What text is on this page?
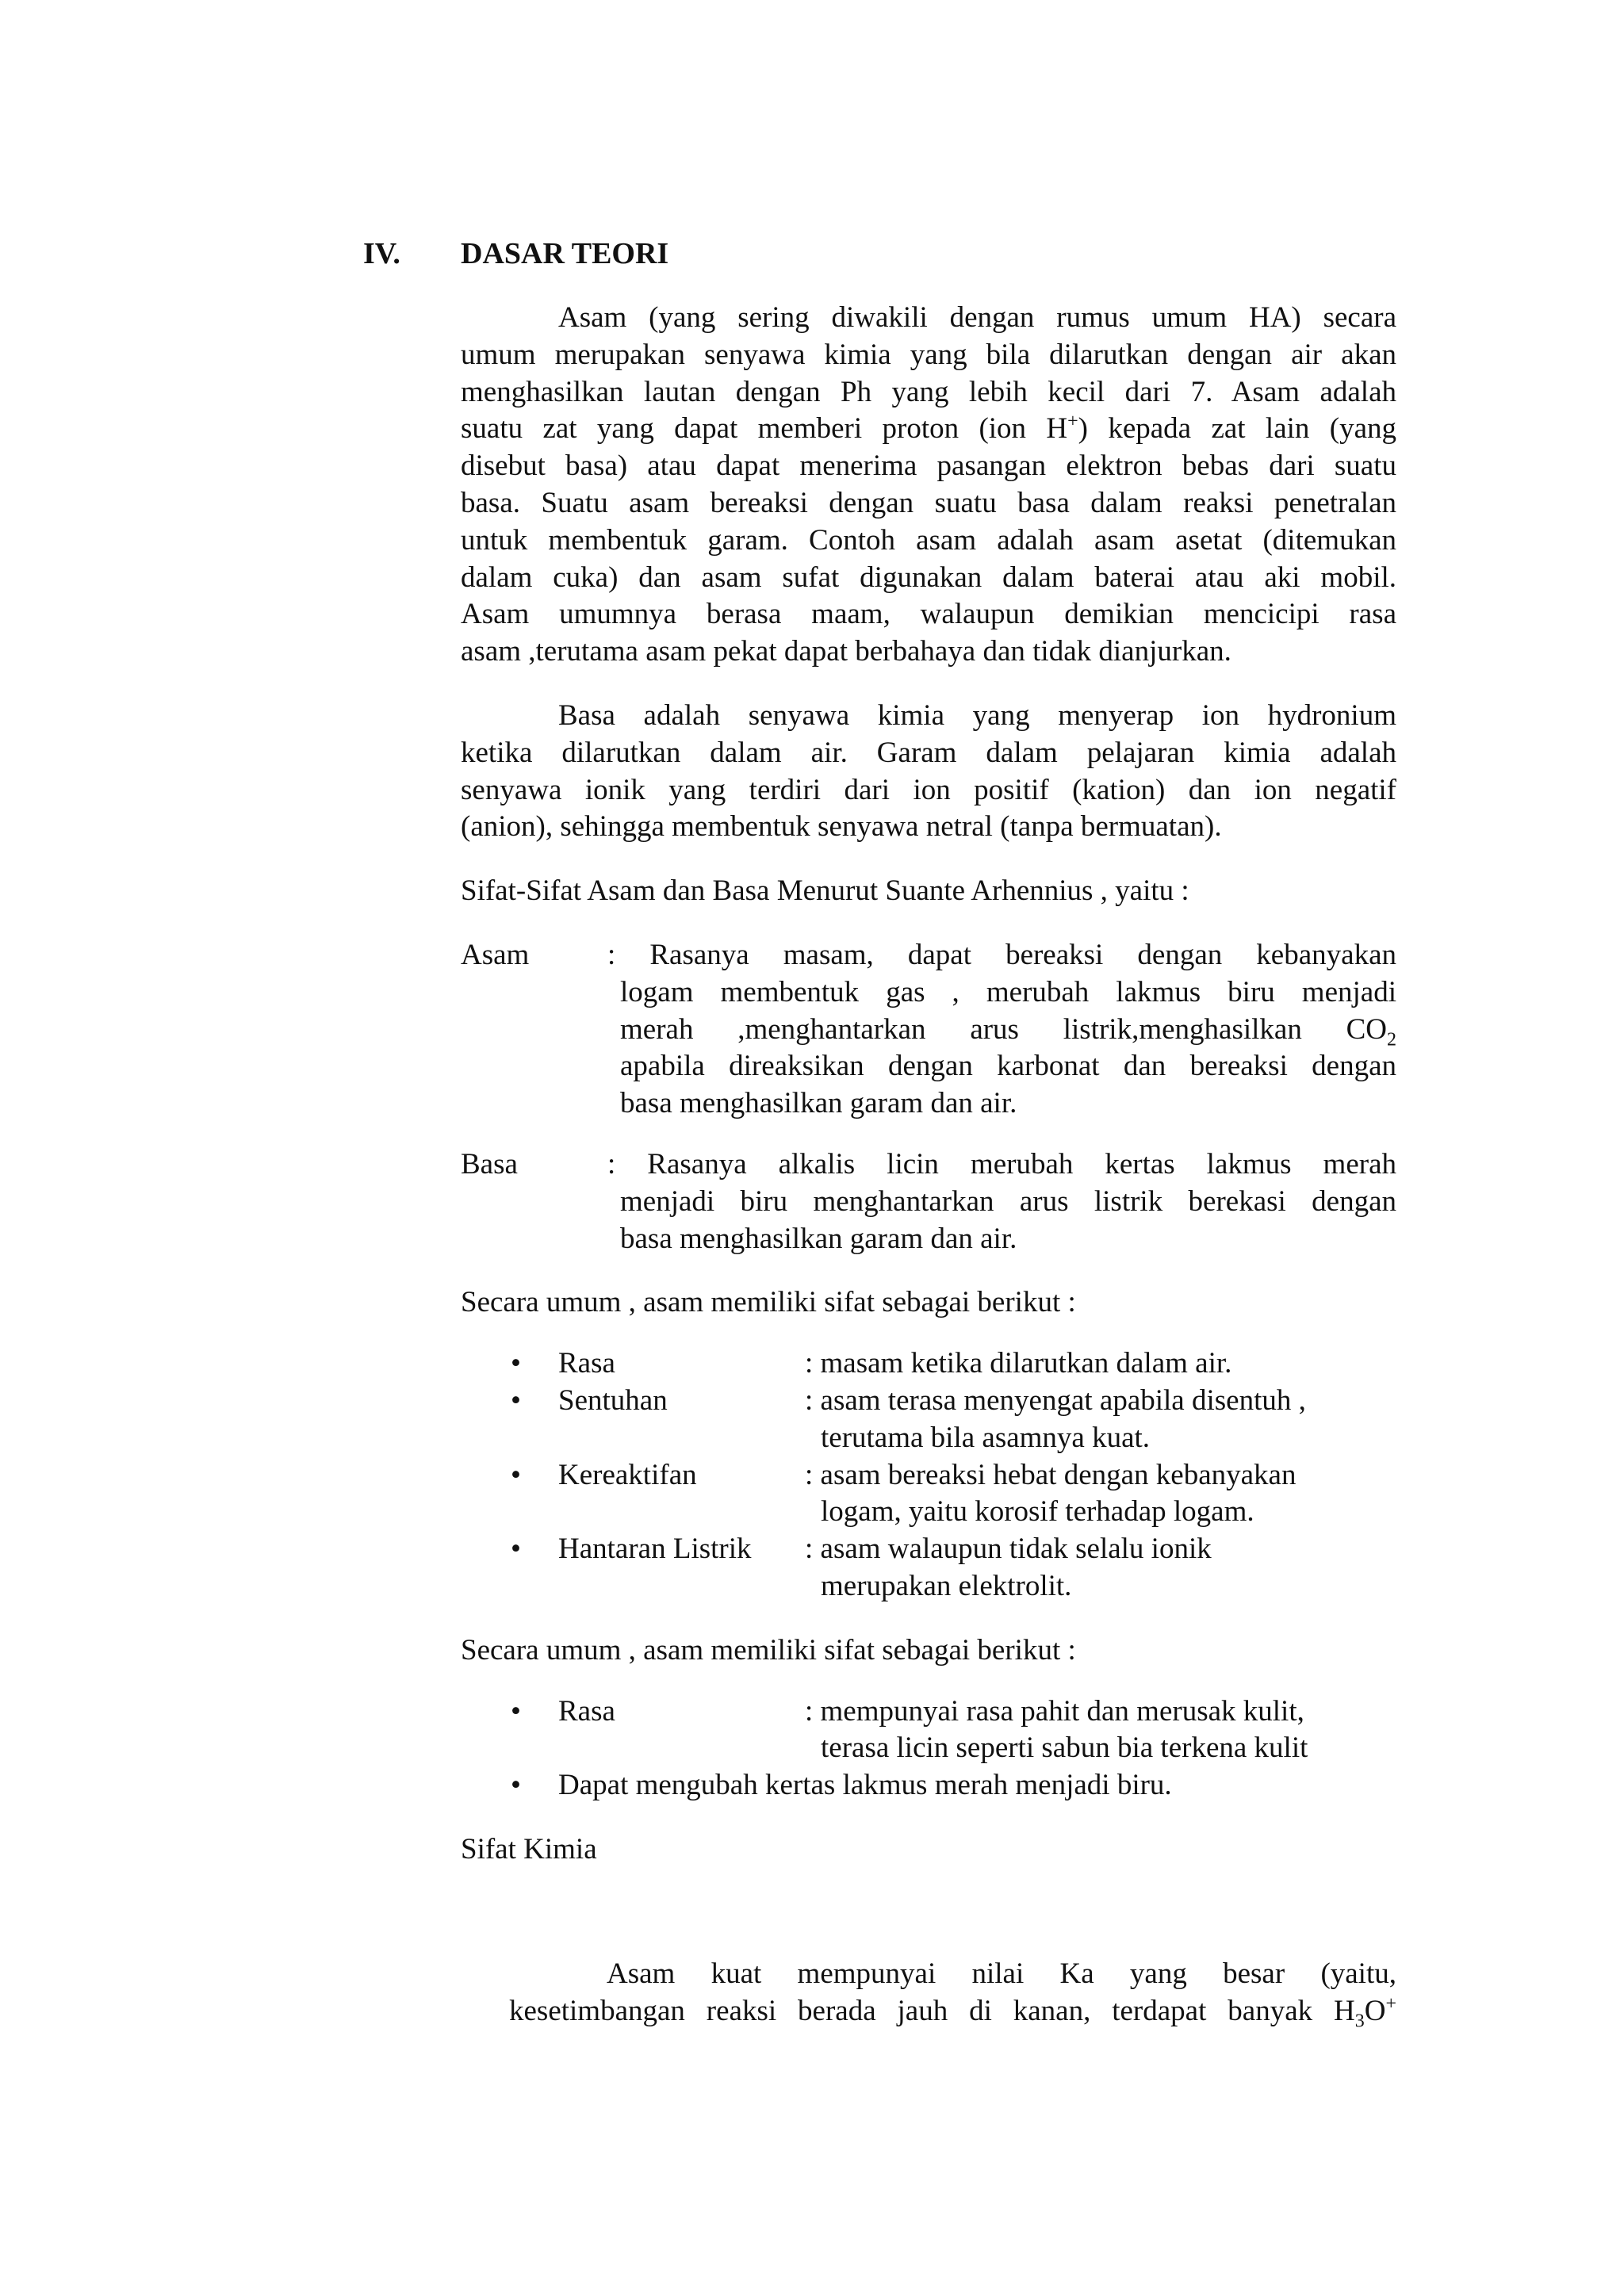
IV. DASAR TEORI

Asam (yang sering diwakili dengan rumus umum HA) secara

umum merupakan senyawa kimia yang bila dilarutkan dengan air akan

menghasilkan lautan dengan Ph yang lebih kecil dari 7. Asam adalah

suatu zat yang dapat memberi proton (ion H+) kepada zat lain (yang

disebut basa) atau dapat menerima pasangan elektron bebas dari suatu

basa. Suatu asam bereaksi dengan suatu basa dalam reaksi penetralan

untuk membentuk garam. Contoh asam adalah asam asetat (ditemukan

dalam cuka) dan asam sufat digunakan dalam baterai atau aki mobil.

Asam umumnya berasa maam, walaupun demikian mencicipi rasa

asam ,terutama asam pekat dapat berbahaya dan tidak dianjurkan.

Basa adalah senyawa kimia yang menyerap ion hydronium

ketika dilarutkan dalam air. Garam dalam pelajaran kimia adalah

senyawa ionik yang terdiri dari ion positif (kation) dan ion negatif

(anion), sehingga membentuk senyawa netral (tanpa bermuatan).

Sifat-Sifat Asam dan Basa Menurut Suante Arhennius , yaitu :

Asam	: Rasanya masam, dapat bereaksi dengan kebanyakan

logam membentuk gas , merubah lakmus biru menjadi

merah ,menghantarkan arus listrik,menghasilkan $CO_2$

apabila direaksikan dengan karbonat dan bereaksi dengan

basa menghasilkan garam dan air.

Basa	: Rasanya alkalis licin merubah kertas lakmus merah

menjadi biru menghantarkan arus listrik berekasi dengan

basa menghasilkan garam dan air.

Secara umum , asam memiliki sifat sebagai berikut :

• Rasa	: masam ketika dilarutkan dalam air.
• Sentuhan	: asam terasa menyengat apabila disentuh ,
terutama bila asamnya kuat.
• Kereaktifan	: asam bereaksi hebat dengan kebanyakan
logam, yaitu korosif terhadap logam.
• Hantaran Listrik	: asam walaupun tidak selalu ionik
merupakan elektrolit.

Secara umum , asam memiliki sifat sebagai berikut :

• Rasa	: mempunyai rasa pahit dan merusak kulit,
terasa licin seperti sabun bia terkena kulit
• Dapat mengubah kertas lakmus merah menjadi biru.

Sifat Kimia

Asam kuat mempunyai nilai Ka yang besar (yaitu,

kesetimbangan reaksi berada jauh di kanan, terdapat banyak $H_3O^+$
